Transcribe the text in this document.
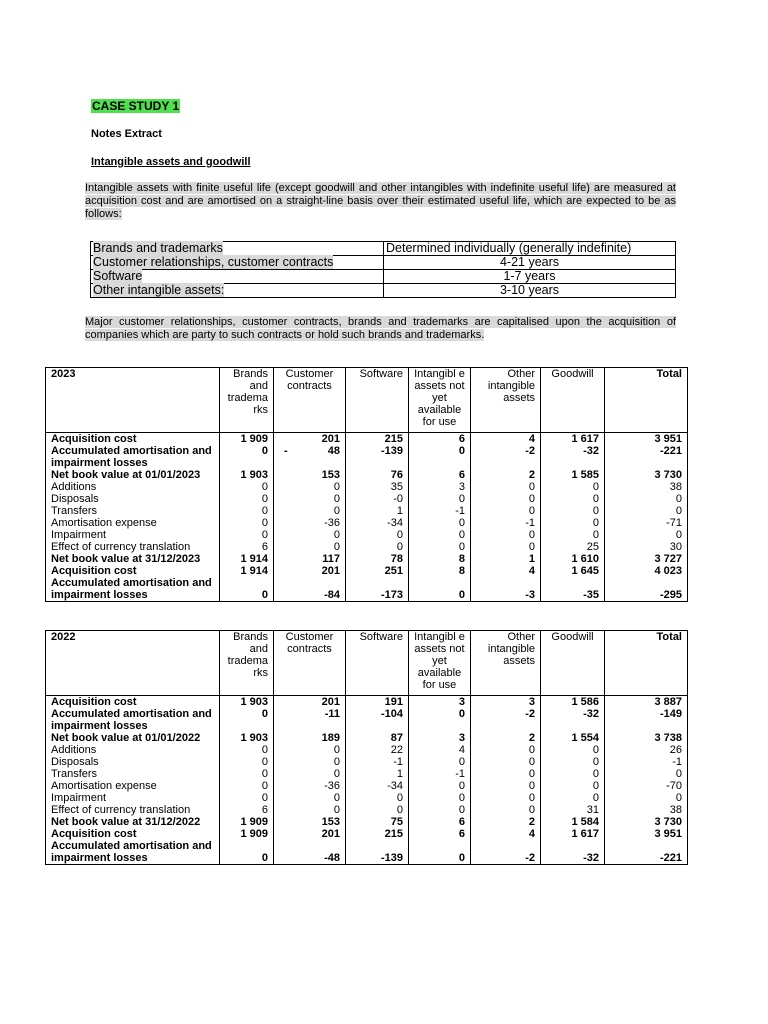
CASE STUDY 1
Notes Extract
Intangible assets and goodwill
Intangible assets with finite useful life (except goodwill and other intangibles with indefinite useful life) are measured at acquisition cost and are amortised on a straight-line basis over their estimated useful life, which are expected to be as follows:
Brands and trademarks	Determined individually (generally indefinite)
Customer relationships, customer contracts	4-21 years
Software	1-7 years
Other intangible assets:	3-10 years
Major customer relationships, customer contracts, brands and trademarks are capitalised upon the acquisition of companies which are party to such contracts or hold such brands and trademarks.
2023	Brands and tradema rks	Customer contracts	Software	Intangibl e assets not yet available for use	Other intangible assets	Goodwill	Total
Acquisition cost	1 909	201	215	6	4	1 617	3 951
Accumulated amortisation and impairment losses	0	- 48	-139	0	-2	-32	-221
Net book value at 01/01/2023	1 903	153	76	6	2	1 585	3 730
Additions	0	0	35	3	0	0	38
Disposals	0	0	-0	0	0	0	0
Transfers	0	0	1	-1	0	0	0
Amortisation expense	0	-36	-34	0	-1	0	-71
Impairment	0	0	0	0	0	0	0
Effect of currency translation	6	0	0	0	0	25	30
Net book value at 31/12/2023	1 914	117	78	8	1	1 610	3 727
Acquisition cost	1 914	201	251	8	4	1 645	4 023
Accumulated amortisation and impairment losses	0	-84	-173	0	-3	-35	-295
2022	Brands and tradema rks	Customer contracts	Software	Intangibl e assets not yet available for use	Other intangible assets	Goodwill	Total
Acquisition cost	1 903	201	191	3	3	1 586	3 887
Accumulated amortisation and impairment losses	0	-11	-104	0	-2	-32	-149
Net book value at 01/01/2022	1 903	189	87	3	2	1 554	3 738
Additions	0	0	22	4	0	0	26
Disposals	0	0	-1	0	0	0	-1
Transfers	0	0	1	-1	0	0	0
Amortisation expense	0	-36	-34	0	0	0	-70
Impairment	0	0	0	0	0	0	0
Effect of currency translation	6	0	0	0	0	31	38
Net book value at 31/12/2022	1 909	153	75	6	2	1 584	3 730
Acquisition cost	1 909	201	215	6	4	1 617	3 951
Accumulated amortisation and impairment losses	0	-48	-139	0	-2	-32	-221
